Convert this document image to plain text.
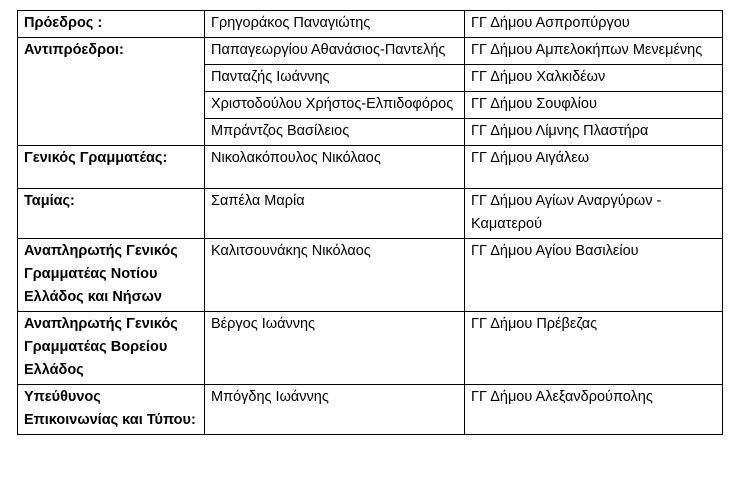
Πρόεδρος :	Γρηγοράκος Παναγιώτης	ΓΓ Δήμου Ασπροπύργου
Αντιπρόεδροι:	Παπαγεωργίου Αθανάσιος-Παντελής	ΓΓ Δήμου Αμπελοκήπων Μενεμένης
	Πανταζής Ιωάννης	ΓΓ Δήμου Χαλκιδέων
	Χριστοδούλου Χρήστος-Ελπιδοφόρος	ΓΓ Δήμου Σουφλίου
	Μπράντζος Βασίλειος	ΓΓ Δήμου Λίμνης Πλαστήρα
Γενικός Γραμματέας:	Νικολακόπουλος Νικόλαος	ΓΓ Δήμου Αιγάλεω
Ταμίας:	Σαπέλα Μαρία	ΓΓ Δήμου Αγίων Αναργύρων - Καματερού
Αναπληρωτής Γενικός Γραμματέας Νοτίου Ελλάδος και Νήσων	Καλιτσουνάκης Νικόλαος	ΓΓ Δήμου Αγίου Βασιλείου
Αναπληρωτής Γενικός Γραμματέας Βορείου Ελλάδος	Βέργος Ιωάννης	ΓΓ Δήμου Πρέβεζας
Υπεύθυνος Επικοινωνίας και Τύπου:	Μπόγδης Ιωάννης	ΓΓ Δήμου Αλεξανδρούπολης
